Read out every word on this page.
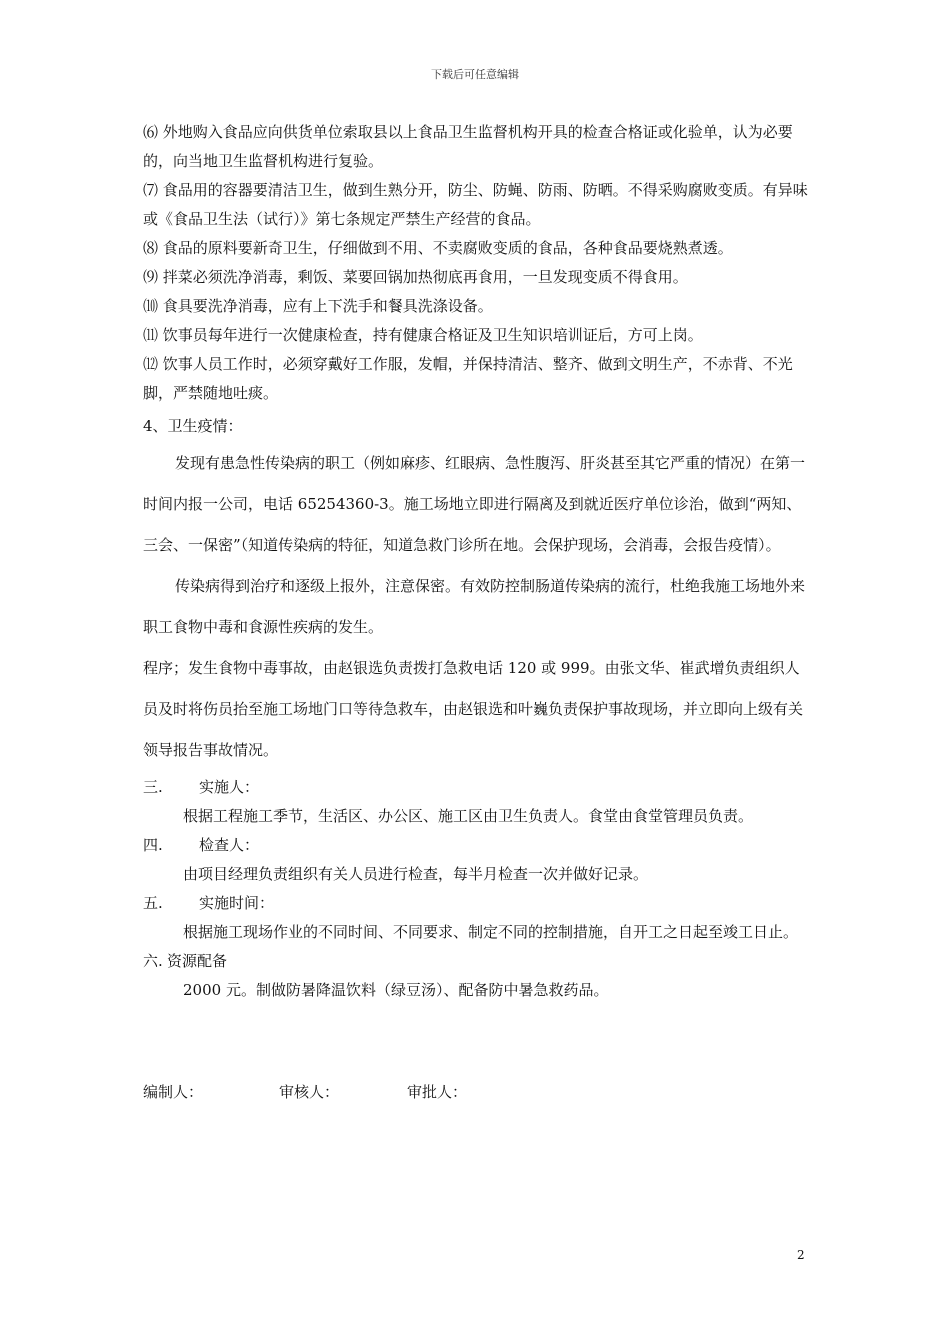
下载后可任意编辑

⑹ 外地购入食品应向供货单位索取县以上食品卫生监督机构开具的检查合格证或化验单，认为必要的，向当地卫生监督机构进行复验。

⑺ 食品用的容器要清洁卫生，做到生熟分开，防尘、防蝇、防雨、防晒。不得采购腐败变质。有异味或《食品卫生法（试行）》第七条规定严禁生产经营的食品。

⑻ 食品的原料要新奇卫生，仔细做到不用、不卖腐败变质的食品，各种食品要烧熟煮透。

⑼ 拌菜必须洗净消毒，剩饭、菜要回锅加热彻底再食用，一旦发现变质不得食用。

⑽ 食具要洗净消毒，应有上下洗手和餐具洗涤设备。

⑾ 饮事员每年进行一次健康检查，持有健康合格证及卫生知识培训证后，方可上岗。

⑿ 饮事人员工作时，必须穿戴好工作服，发帽，并保持清洁、整齐、做到文明生产，不赤背、不光脚，严禁随地吐痰。

4、卫生疫情：

发现有患急性传染病的职工（例如麻疹、红眼病、急性腹泻、肝炎甚至其它严重的情况）在第一时间内报一公司，电话 65254360-3。施工场地立即进行隔离及到就近医疗单位诊治，做到“两知、三会、一保密”（知道传染病的特征，知道急救门诊所在地。会保护现场，会消毒，会报告疫情）。

传染病得到治疗和逐级上报外，注意保密。有效防控制肠道传染病的流行，杜绝我施工场地外来职工食物中毒和食源性疾病的发生。

程序；发生食物中毒事故，由赵银选负责拨打急救电话 120 或 999。由张文华、崔武增负责组织人员及时将伤员抬至施工场地门口等待急救车，由赵银选和叶巍负责保护事故现场，并立即向上级有关领导报告事故情况。

三.	实施人：

根据工程施工季节，生活区、办公区、施工区由卫生负责人。食堂由食堂管理员负责。

四.	检查人：

由项目经理负责组织有关人员进行检查，每半月检查一次并做好记录。

五.	实施时间：

根据施工现场作业的不同时间、不同要求、制定不同的控制措施，自开工之日起至竣工日止。

六. 资源配备

2000 元。制做防暑降温饮料（绿豆汤）、配备防中暑急救药品。

编制人：	审核人：	审批人：
2
